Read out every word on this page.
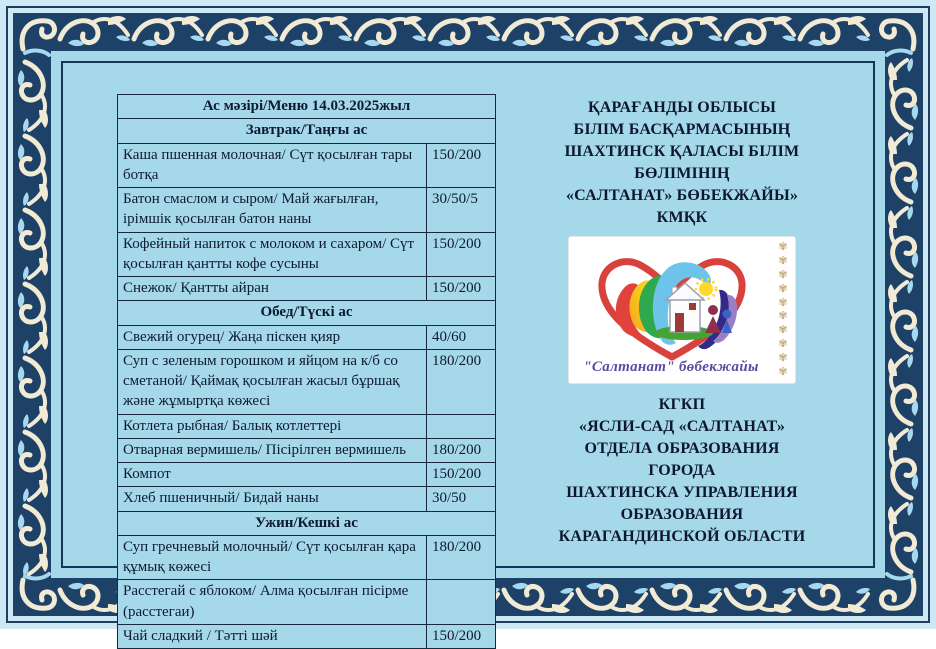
Ас мәзірі/Меню 14.03.2025жыл	
Завтрак/Таңғы ас	
Каша пшенная молочная/ Сүт қосылған тары ботқа	150/200
Батон смаслом и сыром/ Май жағылған, ірімшік қосылған батон наны	30/50/5
Кофейный напиток с молоком и сахаром/ Сүт қосылған қантты кофе сусыны	150/200
Снежок/ Қантты айран	150/200
Обед/Түскі ас	
Свежий огурец/ Жаңа піскен қияр	40/60
Суп с зеленым горошком и яйцом на к/б со сметаной/ Қаймақ қосылған жасыл бұршақ және жұмыртқа көжесі	180/200
Котлета рыбная/ Балық котлеттері	
Отварная вермишель/ Пісірілген вермишель	180/200
Компот	150/200
Хлеб пшеничный/ Бидай наны	30/50
Ужин/Кешкі ас	
Суп гречневый молочный/ Сүт қосылған қара құмық көжесі	180/200
Расстегай с яблоком/ Алма қосылған пісірме (расстегаи)	
Чай сладкий / Тәтті шәй	150/200
ҚАРАҒАНДЫ ОБЛЫСЫ
БІЛІМ БАСҚАРМАСЫНЫҢ
ШАХТИНСК ҚАЛАСЫ БІЛІМ
БӨЛІМІНІҢ
«САЛТАНАТ» БӨБЕКЖАЙЫ»
КМҚК
"Салтанат" бөбекжайы
✾
✾
✾
✾
✾
✾
✾
✾
✾
✾
КГКП
«ЯСЛИ-САД «САЛТАНАТ»
ОТДЕЛА ОБРАЗОВАНИЯ
ГОРОДА
ШАХТИНСКА УПРАВЛЕНИЯ
ОБРАЗОВАНИЯ
КАРАГАНДИНСКОЙ ОБЛАСТИ
